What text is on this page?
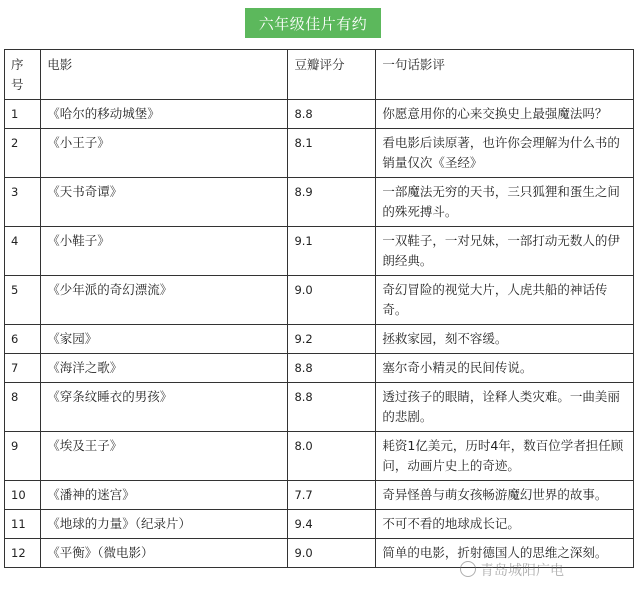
六年级佳片有约
序号	电影	豆瓣评分	一句话影评
1	《哈尔的移动城堡》	8.8	你愿意用你的心来交换史上最强魔法吗？
2	《小王子》	8.1	看电影后读原著，也许你会理解为什么书的销量仅次《圣经》
3	《天书奇谭》	8.9	一部魔法无穷的天书，三只狐狸和蛋生之间的殊死搏斗。
4	《小鞋子》	9.1	一双鞋子，一对兄妹，一部打动无数人的伊朗经典。
5	《少年派的奇幻漂流》	9.0	奇幻冒险的视觉大片，人虎共船的神话传奇。
6	《家园》	9.2	拯救家园，刻不容缓。
7	《海洋之歌》	8.8	塞尔奇小精灵的民间传说。
8	《穿条纹睡衣的男孩》	8.8	透过孩子的眼睛，诠释人类灾难。一曲美丽的悲剧。
9	《埃及王子》	8.0	耗资1亿美元，历时4年，数百位学者担任顾问，动画片史上的奇迹。
10	《潘神的迷宫》	7.7	奇异怪兽与萌女孩畅游魔幻世界的故事。
11	《地球的力量》（纪录片）	9.4	不可不看的地球成长记。
12	《平衡》（微电影）	9.0	简单的电影，折射德国人的思维之深刻。
青岛城阳广电
